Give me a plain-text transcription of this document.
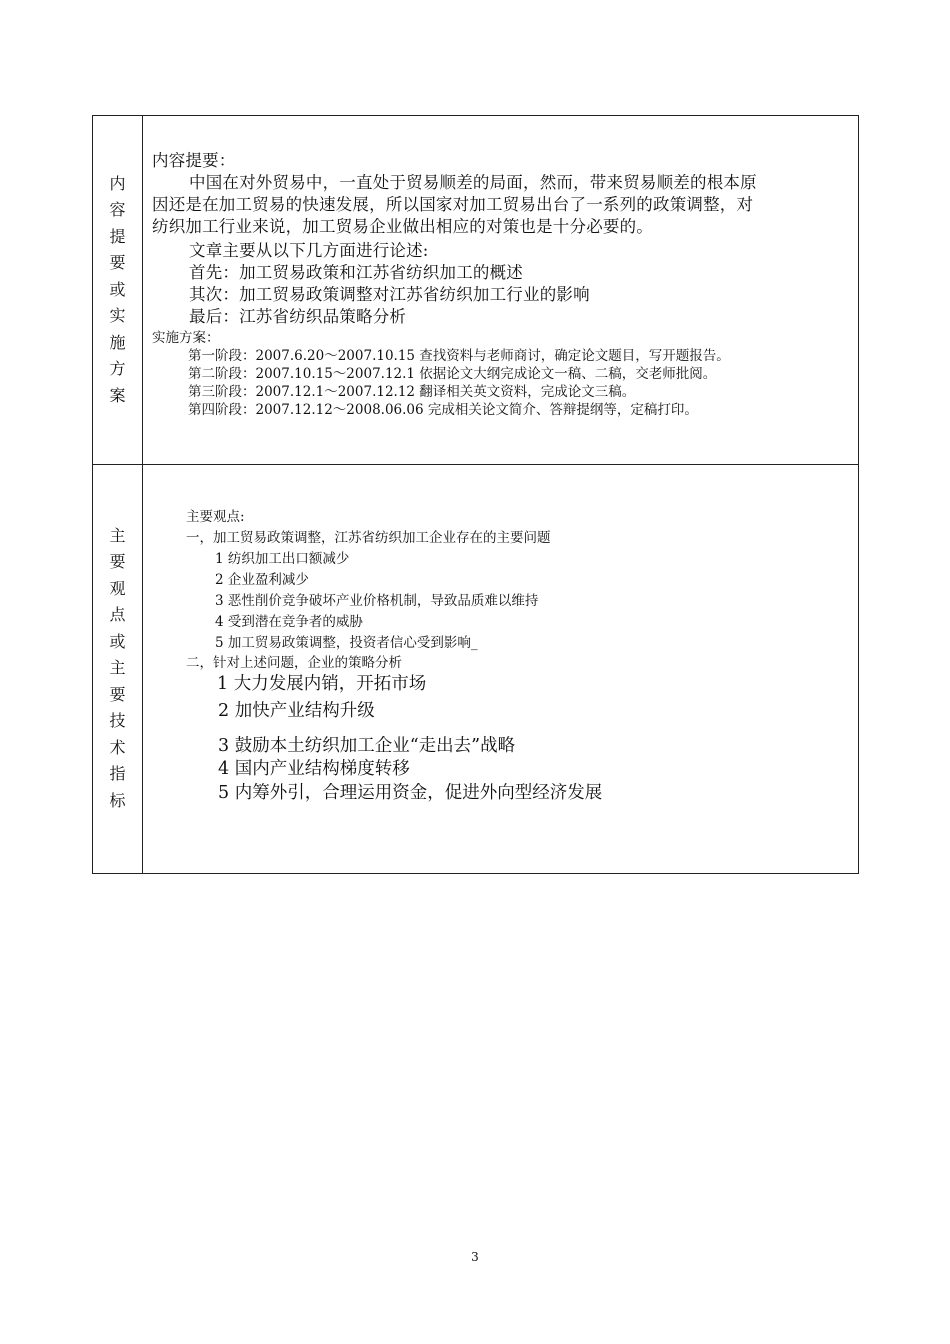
内
容
提
要
或
实
施
方
案
内容提要：
中国在对外贸易中，一直处于贸易顺差的局面，然而，带来贸易顺差的根本原
因还是在加工贸易的快速发展，所以国家对加工贸易出台了一系列的政策调整，对
纺织加工行业来说，加工贸易企业做出相应的对策也是十分必要的。
文章主要从以下几方面进行论述:
首先：加工贸易政策和江苏省纺织加工的概述
其次：加工贸易政策调整对江苏省纺织加工行业的影响
最后：江苏省纺织品策略分析
实施方案：
第一阶段：2007.6.20～2007.10.15 查找资料与老师商讨，确定论文题目，写开题报告。
第二阶段：2007.10.15～2007.12.1 依据论文大纲完成论文一稿、二稿，交老师批阅。
第三阶段：2007.12.1～2007.12.12 翻译相关英文资料，完成论文三稿。
第四阶段：2007.12.12～2008.06.06 完成相关论文简介、答辩提纲等，定稿打印。
主
要
观
点
或
主
要
技
术
指
标
主要观点:
一，加工贸易政策调整，江苏省纺织加工企业存在的主要问题
1 纺织加工出口额减少
2 企业盈利减少
3 恶性削价竞争破坏产业价格机制，导致品质难以维持
4 受到潜在竞争者的威胁
5 加工贸易政策调整，投资者信心受到影响_
二，针对上述问题，企业的策略分析
1 大力发展内销，开拓市场
2 加快产业结构升级
3 鼓励本土纺织加工企业“走出去”战略
4 国内产业结构梯度转移
5 内筹外引，合理运用资金，促进外向型经济发展
3
